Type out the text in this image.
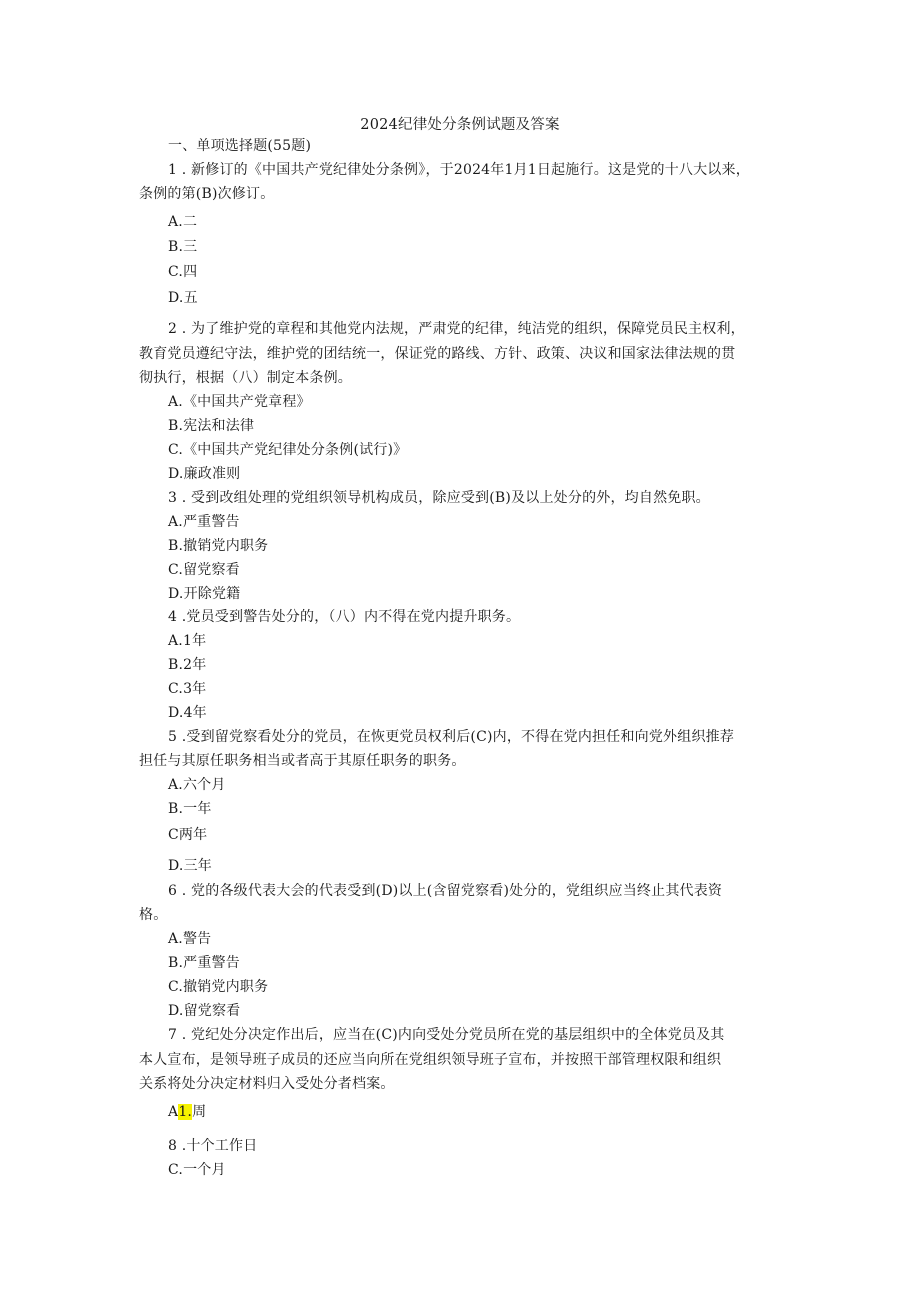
2024纪律处分条例试题及答案
一、单项选择题(55题)
1 . 新修订的《中国共产党纪律处分条例》，于2024年1月1日起施行。这是党的十八大以来，
条例的第(B)次修订。
A.二
B.三
C.四
D.五
2 . 为了维护党的章程和其他党内法规，严肃党的纪律，纯洁党的组织，保障党员民主权利，
教育党员遵纪守法，维护党的团结统一，保证党的路线、方针、政策、决议和国家法律法规的贯
彻执行，根据（八）制定本条例。
A.《中国共产党章程》
B.宪法和法律
C.《中国共产党纪律处分条例(试行)》
D.廉政准则
3 . 受到改组处理的党组织领导机构成员，除应受到(B)及以上处分的外，均自然免职。
A.严重警告
B.撤销党内职务
C.留党察看
D.开除党籍
4 .党员受到警告处分的，（八）内不得在党内提升职务。
A.1年
B.2年
C.3年
D.4年
5 .受到留党察看处分的党员，在恢更党员权利后(C)内，不得在党内担任和向党外组织推荐
担任与其原任职务相当或者高于其原任职务的职务。
A.六个月
B.一年
C两年
D.三年
6 . 党的各级代表大会的代表受到(D)以上(含留党察看)处分的，党组织应当终止其代表资
格。
A.警告
B.严重警告
C.撤销党内职务
D.留党察看
7 . 党纪处分决定作出后，应当在(C)内向受处分党员所在党的基层组织中的全体党员及其
本人宣布，是领导班子成员的还应当向所在党组织领导班子宣布，并按照干部管理权限和组织
关系将处分决定材料归入受处分者档案。
A1.周
8 .十个工作日
C.一个月
